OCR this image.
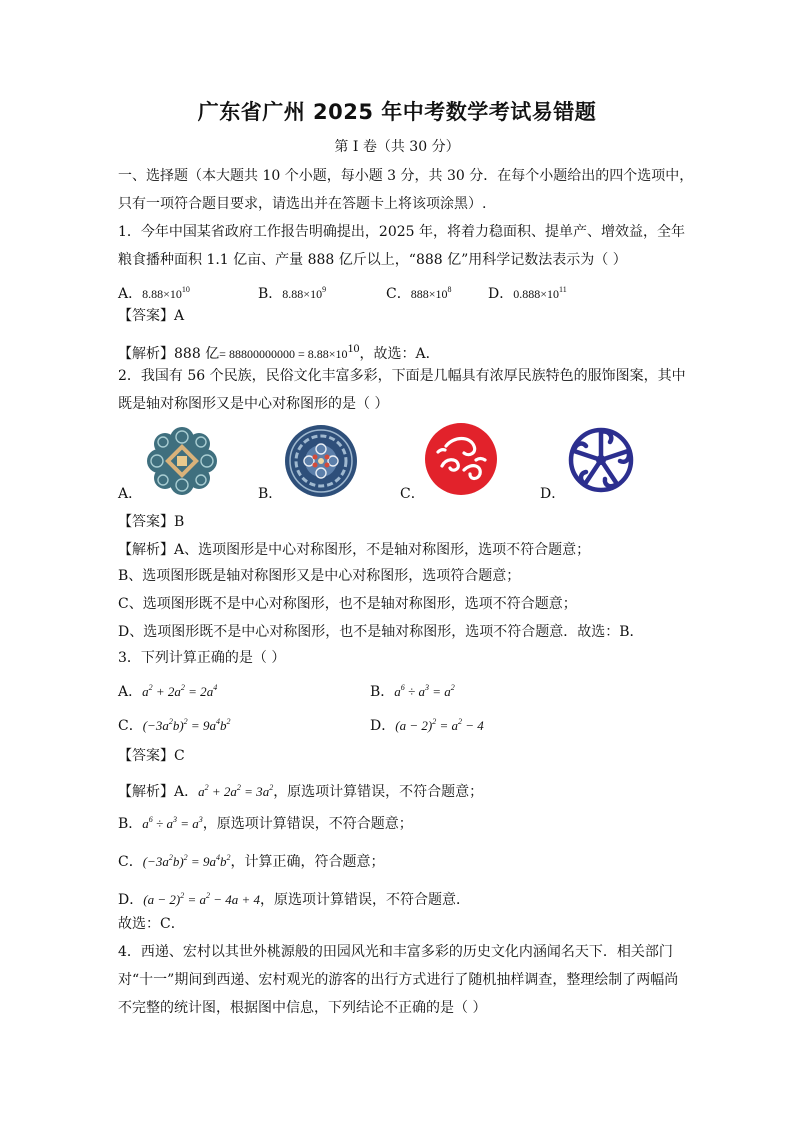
广东省广州 2025 年中考数学考试易错题
第 I 卷（共 30 分）
一、选择题（本大题共 10 个小题，每小题 3 分，共 30 分．在每个小题给出的四个选项中，
只有一项符合题目要求，请选出并在答题卡上将该项涂黑）.
1．今年中国某省政府工作报告明确提出，2025 年，将着力稳面积、提单产、增效益，全年
粮食播种面积 1.1 亿亩、产量 888 亿斤以上，“888 亿”用科学记数法表示为（ ）
A．$8.88\times 10^{10}$	B．$8.88\times 10^9$	C．$888\times 10^8$	D．$0.888\times 10^{11}$
【答案】A
【解析】888 亿= $88800000000 = 8.88\times 10^{10}$，故选：A．
2．我国有 56 个民族，民俗文化丰富多彩，下面是几幅具有浓厚民族特色的服饰图案，其中
既是轴对称图形又是中心对称图形的是（ ）
A．	B．	C．	D．
【答案】B
【解析】A、选项图形是中心对称图形，不是轴对称图形，选项不符合题意；
B、选项图形既是轴对称图形又是中心对称图形，选项符合题意；
C、选项图形既不是中心对称图形，也不是轴对称图形，选项不符合题意；
D、选项图形既不是中心对称图形，也不是轴对称图形，选项不符合题意．故选：B．
3．下列计算正确的是（ ）
A．$a^2 + 2a^2 = 2a^4$	B．$a^6 \div a^3 = a^2$
C．$(-3a^2b)^2 = 9a^4b^2$	D．$(a - 2)^2 = a^2 - 4$
【答案】C
【解析】A．$a^2 + 2a^2 = 3a^2$，原选项计算错误，不符合题意；
B．$a^6 \div a^3 = a^3$，原选项计算错误，不符合题意；
C．$(-3a^2b)^2 = 9a^4b^2$，计算正确，符合题意；
D．$(a - 2)^2 = a^2 - 4a + 4$，原选项计算错误，不符合题意．
故选：C．
4．西递、宏村以其世外桃源般的田园风光和丰富多彩的历史文化内涵闻名天下．相关部门
对“十一”期间到西递、宏村观光的游客的出行方式进行了随机抽样调查，整理绘制了两幅尚
不完整的统计图，根据图中信息，下列结论不正确的是（ ）
